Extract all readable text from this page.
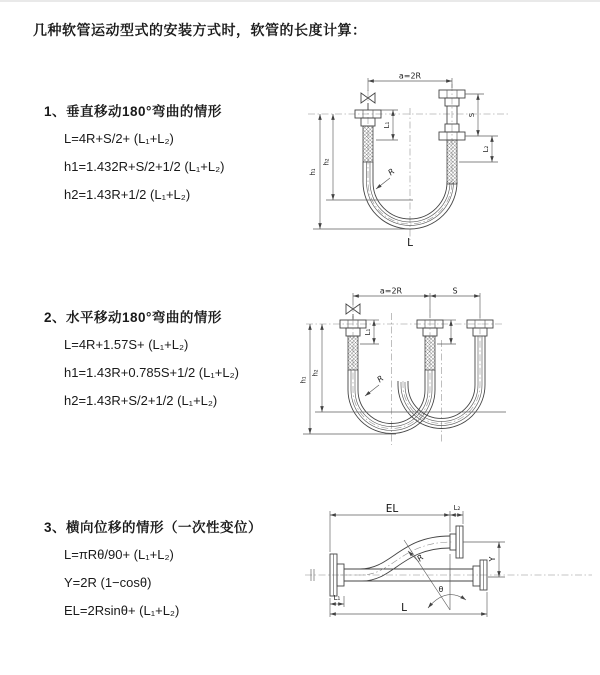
几种软管运动型式的安装方式时，软管的长度计算：
1、垂直移动180°弯曲的情形
L=4R+S/2+ (L₁+L₂)
h1=1.432R+S/2+1/2 (L₁+L₂)
h2=1.43R+1/2 (L₁+L₂)
2、水平移动180°弯曲的情形
L=4R+1.57S+ (L₁+L₂)
h1=1.43R+0.785S+1/2 (L₁+L₂)
h2=1.43R+S/2+1/2 (L₁+L₂)
3、横向位移的情形（一次性变位）
L=πRθ/90+ (L₁+L₂)
Y=2R (1−cosθ)
EL=2Rsinθ+ (L₁+L₂)
a=2R
h₁
h₂
L₁
S
L₂
R
L
a=2R	S
h₁
h₂
L₁
R
EL	L₂
Y
θ
R
L
L₁
